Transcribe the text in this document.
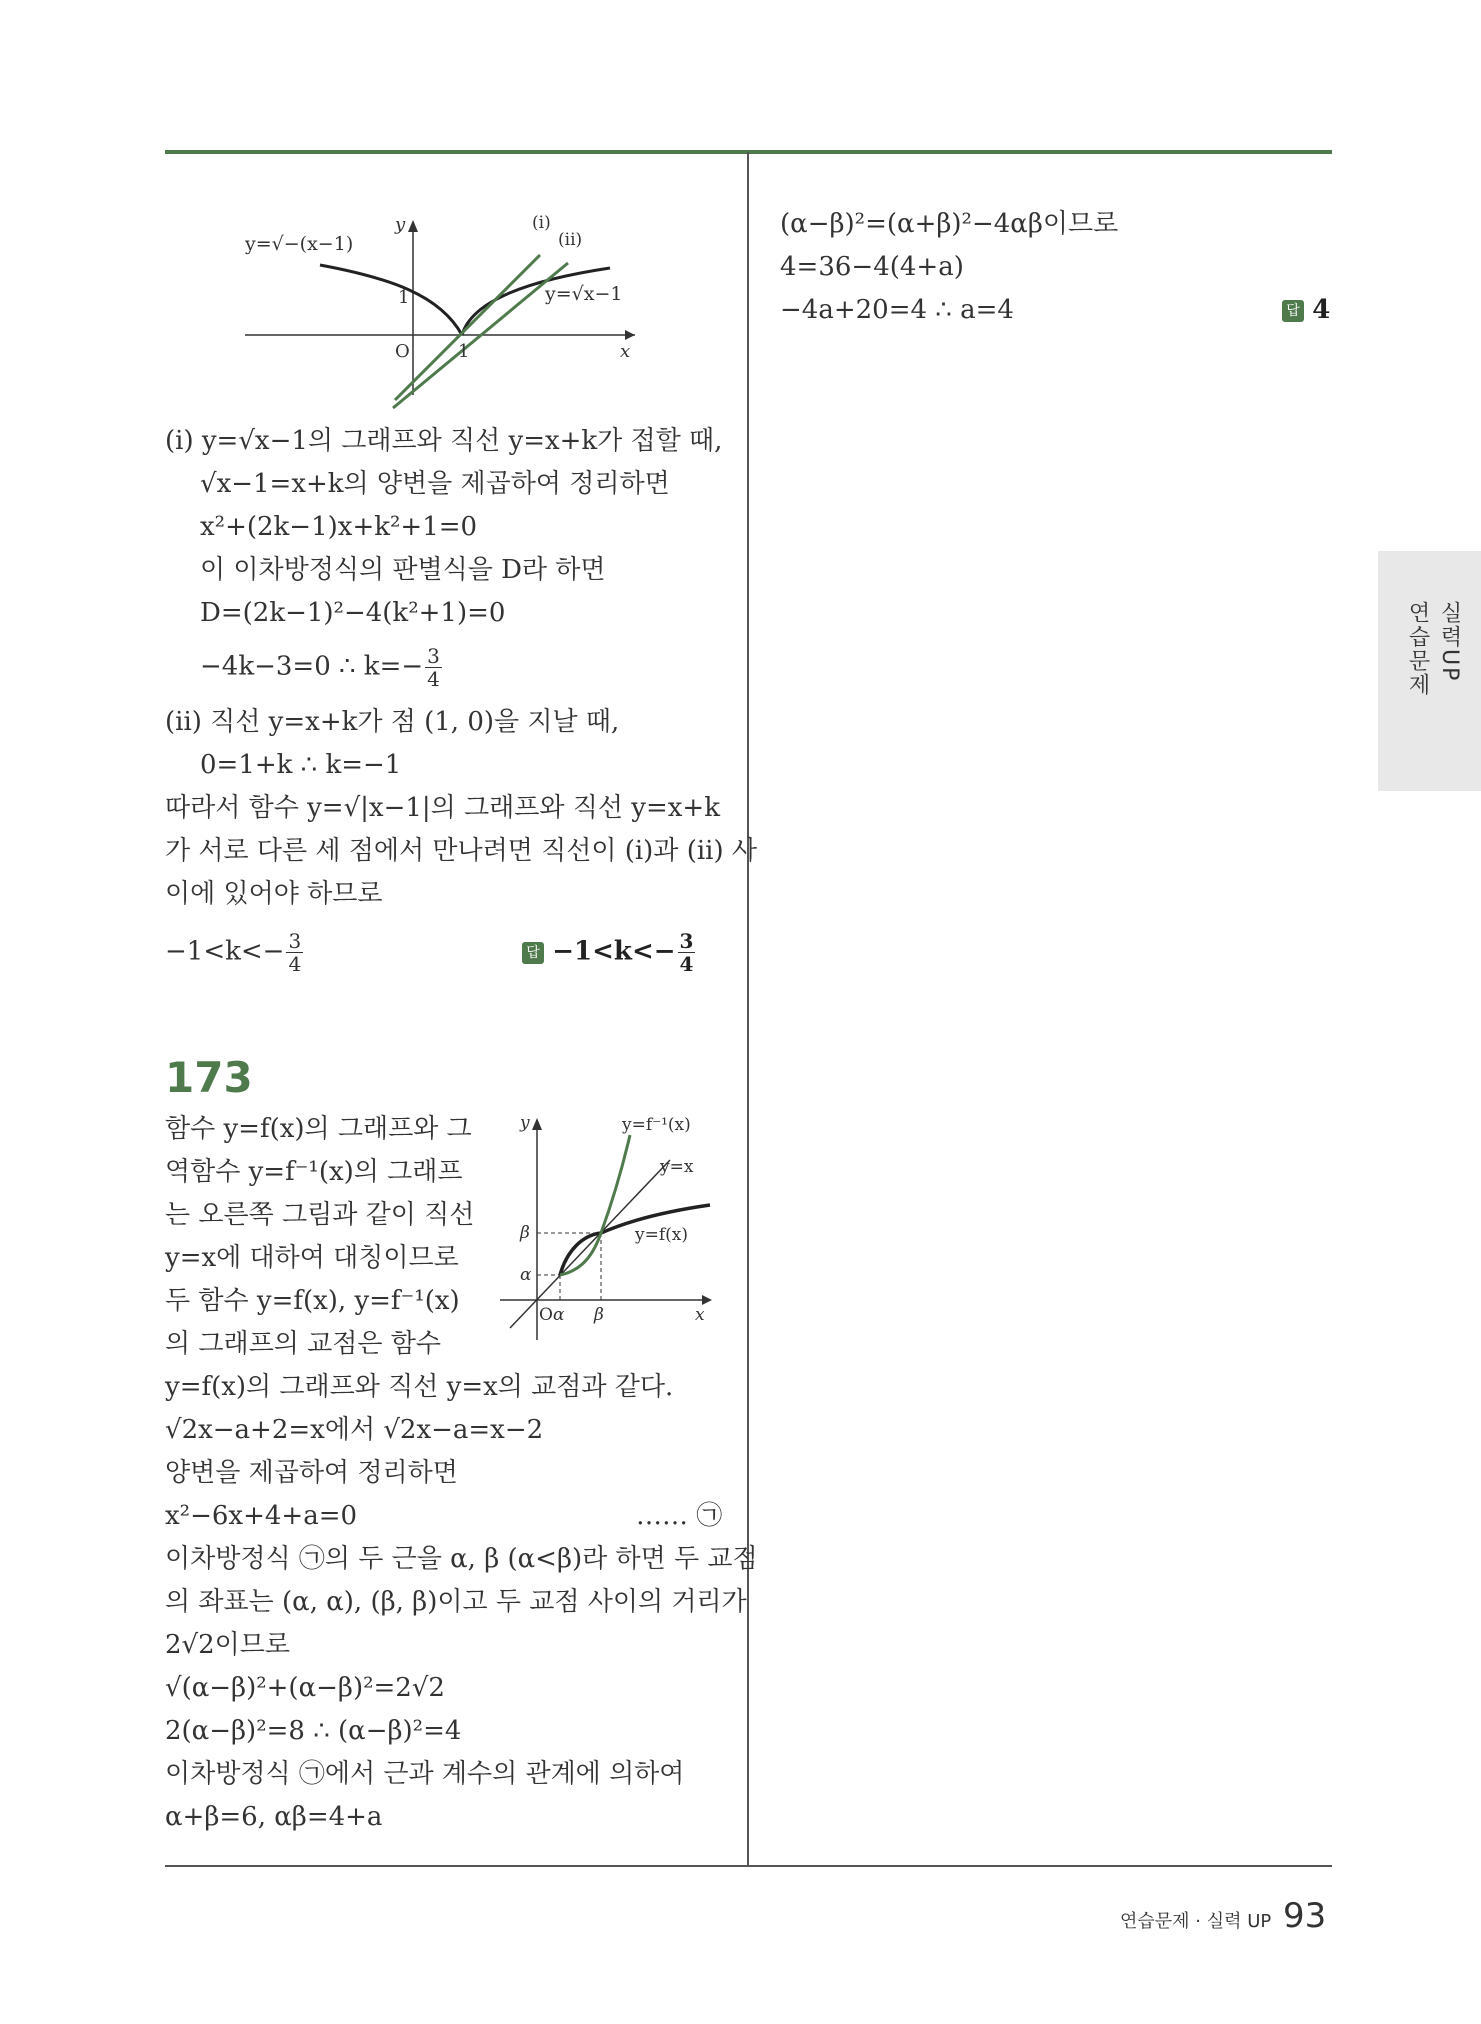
y=√−(x−1)
y
x
O	1
1
(i)
(ii)
y=√x−1
(i) y=√x−1의 그래프와 직선 y=x+k가 접할 때,
√x−1=x+k의 양변을 제곱하여 정리하면
x²+(2k−1)x+k²+1=0
이 이차방정식의 판별식을 D라 하면
D=(2k−1)²−4(k²+1)=0
−4k−3=0 ∴ $k=- \frac{3}{4}$
(ii) 직선 y=x+k가 점 (1, 0)을 지날 때,
0=1+k ∴ k=−1
따라서 함수 y=√|x−1|의 그래프와 직선 y=x+k
가 서로 다른 세 점에서 만나려면 직선이 (i)과 (ii) 사
이에 있어야 하므로
$-1<k<- \frac{3}{4}$	답 $-1<k<- \frac{3}{4}$
173
함수 y=f(x)의 그래프와 그
역함수 y=f⁻¹(x)의 그래프
는 오른쪽 그림과 같이 직선
y=x에 대하여 대칭이므로
두 함수 y=f(x), y=f⁻¹(x)
의 그래프의 교점은 함수
y=f(x)의 그래프와 직선 y=x의 교점과 같다.
√2x−a+2=x에서 √2x−a=x−2
양변을 제곱하여 정리하면
x²−6x+4+a=0	…… ㉠
이차방정식 ㉠의 두 근을 α, β (α<β)라 하면 두 교점
의 좌표는 (α, α), (β, β)이고 두 교점 사이의 거리가
2√2이므로
√(α−β)²+(α−β)²=2√2
2(α−β)²=8 ∴ (α−β)²=4
이차방정식 ㉠에서 근과 계수의 관계에 의하여
α+β=6, αβ=4+a
y
x
O α β
α
β
y=f⁻¹(x)
y=x
y=f(x)
(α−β)²=(α+β)²−4αβ이므로
4=36−4(4+a)
−4a+20=4 ∴ a=4	답 4
실력UP
연습문제
연습문제 · 실력 UP 93
